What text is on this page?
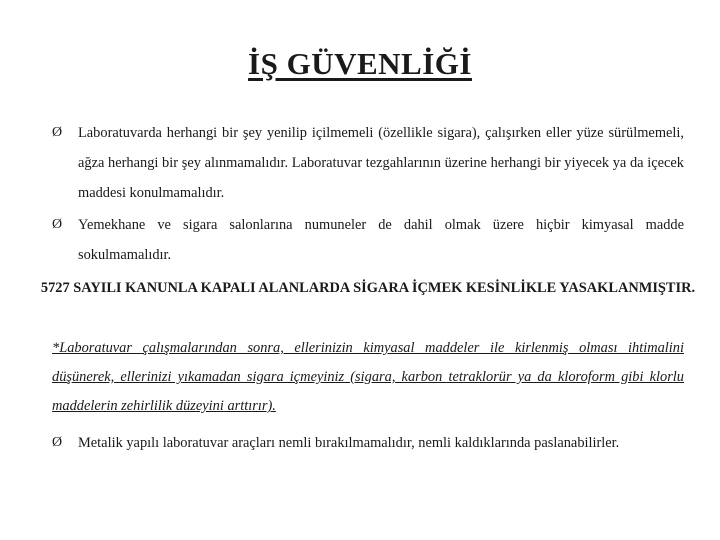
İŞ GÜVENLİĞİ
Ø	Laboratuvarda herhangi bir şey yenilip içilmemeli (özellikle sigara), çalışırken eller yüze sürülmemeli, ağza herhangi bir şey alınmamalıdır. Laboratuvar tezgahlarının üzerine herhangi bir yiyecek ya da içecek maddesi konulmamalıdır.
Ø	Yemekhane ve sigara salonlarına numuneler de dahil olmak üzere hiçbir kimyasal madde sokulmamalıdır.
5727 SAYILI KANUNLA KAPALI ALANLARDA SİGARA İÇMEK KESİNLİKLE YASAKLANMIŞTIR.
*Laboratuvar çalışmalarından sonra, ellerinizin kimyasal maddeler ile kirlenmiş olması ihtimalini düşünerek, ellerinizi yıkamadan sigara içmeyiniz (sigara, karbon tetraklorür ya da kloroform gibi klorlu maddelerin zehirlilik düzeyini arttırır).
Ø	Metalik yapılı laboratuvar araçları nemli bırakılmamalıdır, nemli kaldıklarında paslanabilirler.
